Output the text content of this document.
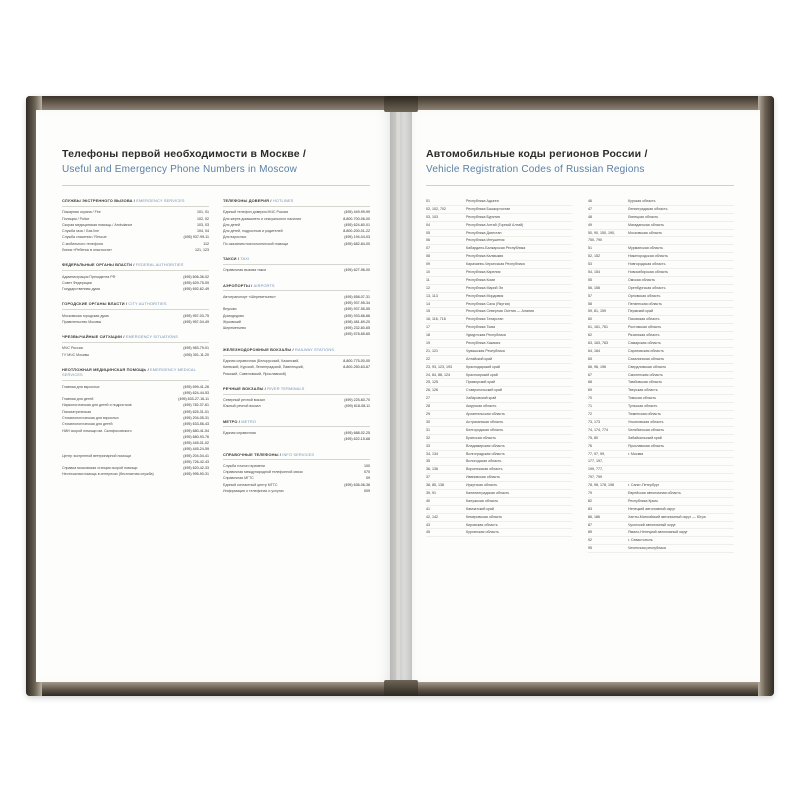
Телефоны первой необходимости в Москве /
Useful and Emergency Phone Numbers in Moscow
СЛУЖБЫ ЭКСТРЕННОГО ВЫЗОВА / EMERGENCY SERVICES
Пожарная охрана / Fire	101, 01
Полиция / Police	102, 02
Скорая медицинская помощь / Ambulance	103, 03
Служба газа / Gas line	104, 04
Служба спасения / Rescue	(495) 937-99-11
С мобильного телефона	112
Линия «Ребенок в опасности»	121, 123
ФЕДЕРАЛЬНЫЕ ОРГАНЫ ВЛАСТИ / FEDERAL AUTHORITIES
Администрация Президента РФ	(495) 606-36-02
Совет Федерации	(495) 629-75-09
Государственная дума	(495) 692-62-49
ГОРОДСКИЕ ОРГАНЫ ВЛАСТИ / CITY AUTHORITIES
Московская городская дума	(495) 957-03-75
Правительство Москвы	(495) 957-04-49
ЧРЕЗВЫЧАЙНЫЕ СИТУАЦИИ / EMERGENCY SITUATIONS
МЧС России	(495) 983-79-01
ГУ МЧС Москвы	(495) 301-11-20
НЕОТЛОЖНАЯ МЕДИЦИНСКАЯ ПОМОЩЬ / EMERGENCY MEDICAL SERVICES
Главная для взрослых	(495) 699-41-26
(495) 624-44-53
Главная для детей	(495) 633-27-16-11
Наркологическая для детей и подростков	(495) 782-37-61
Психиатрическая	(495) 625-31-01
Стоматологическая для взрослых	(495) 204-05-31
Стоматологическая для детей	(495) 633-56-43
НИИ скорой помощи им. Склифосовского	(495) 680-41-54
(495) 680-93-76
(495) 445-01-02
(495) 445-24-59
Центр экстренной ветеринарной помощи	(495) 204-04-41
(495) 726-42-43
Справка московская станция скорой помощи	(495) 620-42-33
Неотложная помощь в интересах (бесплатная служба)	(495) 995-90-31
ТЕЛЕФОНЫ ДОВЕРИЯ / HOTLINES
Единый телефон доверия МЧС России	(495) 449-99-99
Для жертв домашнего и сексуального насилия	8-800-700-06-00
Для детей	(495) 624-60-01
Для детей, подростков и родителей	8-800-200-01-22
Для взрослых	(495) 194-04-03
По оказанию психологической помощи	(495) 682-84-00
ТАКСИ / TAXI
Справочная вызова такси	(495) 627-96-00
АЭРОПОРТЫ / AIRPORTS
Автотранспорт «Шереметьево»	(495) 658-07-31
(495) 937-95-34
Внуково	(495) 937-55-55
Домодедово	(495) 933-66-66
Жуковский	(498) 481-69-20
Шереметьево	(495) 232-60-65
(495) 578-65-65
ЖЕЛЕЗНОДОРОЖНЫЕ ВОКЗАЛЫ / RAILWAY STATIONS
Единая справочная (Белорусский, Казанский,	8-800-775-00-00
Киевский, Курский, Ленинградский, Павелецкий,	8-800-250-63-67
Рижский, Савеловский, Ярославский)
РЕЧНЫЕ ВОКЗАЛЫ / RIVER TERMINALS
Северный речной вокзал	(499) 225-60-70
Южный речной вокзал	(499) 618-08-11
МЕТРО / METRO
Единая справочная	(495) 688-02-25
(495) 622-15-68
СПРАВОЧНЫЕ ТЕЛЕФОНЫ / INFO SERVICES
Служба точного времени	100
Справочная международной телефонной связи	070
Справочная МГТС	09
Единый контактный центр МГТС	(495) 636-06-36
Информация о телефонах и услугах	009
Автомобильные коды регионов России /
Vehicle Registration Codes of Russian Regions
01	Республика Адыгея
02, 102, 702	Республика Башкортостан
03, 103	Республика Бурятия
04	Республика Алтай (Горный Алтай)
05	Республика Дагестан
06	Республика Ингушетия
07	Кабардино-Балкарская Республика
08	Республика Калмыкия
09	Карачаево-Черкесская Республика
10	Республика Карелия
11	Республика Коми
12	Республика Марий Эл
13, 113	Республика Мордовия
14	Республика Саха (Якутия)
15	Республика Северная Осетия — Алания
16, 116, 716	Республика Татарстан
17	Республика Тыва
18	Удмуртская Республика
19	Республика Хакасия
21, 121	Чувашская Республика
22	Алтайский край
23, 93, 123, 193	Краснодарский край
24, 84, 88, 124	Красноярский край
25, 125	Приморский край
26, 126	Ставропольский край
27	Хабаровский край
28	Амурская область
29	Архангельская область
30	Астраханская область
31	Белгородская область
32	Брянская область
33	Владимирская область
34, 134	Волгоградская область
35	Вологодская область
36, 136	Воронежская область
37	Ивановская область
38, 85, 138	Иркутская область
39, 91	Калининградская область
40	Калужская область
41	Камчатский край
42, 142	Кемеровская область
43	Кировская область
45	Курганская область
46	Курская область
47	Ленинградская область
48	Липецкая область
49	Магаданская область
50, 90, 150, 190,	Московская область
750, 790
51	Мурманская область
52, 152	Нижегородская область
53	Новгородская область
54, 154	Новосибирская область
55	Омская область
56, 156	Оренбургская область
57	Орловская область
58	Пензенская область
59, 81, 159	Пермский край
60	Псковская область
61, 161, 761	Ростовская область
62	Рязанская область
63, 163, 763	Самарская область
64, 164	Саратовская область
65	Сахалинская область
66, 96, 196	Свердловская область
67	Смоленская область
68	Тамбовская область
69	Тверская область
70	Томская область
71	Тульская область
72	Тюменская область
73, 173	Ульяновская область
74, 174, 774	Челябинская область
75, 80	Забайкальский край
76	Ярославская область
77, 97, 99,	г. Москва
177, 197,
199, 777,
797, 799
78, 98, 178, 198	г. Санкт-Петербург
79	Еврейская автономная область
82	Республика Крым
83	Ненецкий автономный округ
86, 186	Ханты-Мансийский автономный округ — Югра
87	Чукотский автономный округ
89	Ямало-Ненецкий автономный округ
92	г. Севастополь
95	Чеченская республика
